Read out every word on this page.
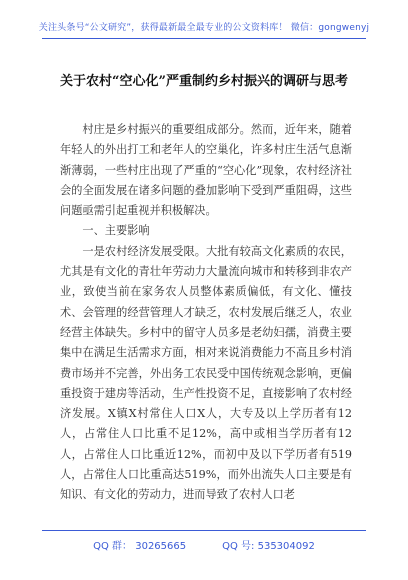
关注头条号“公文研究”，获得最新最全最专业的公文资料库！ 微信：gongwenyj
关于农村“空心化”严重制约乡村振兴的调研与思考

村庄是乡村振兴的重要组成部分。然而，近年来，随着年轻人的外出打工和老年人的空巢化，许多村庄生活气息渐渐薄弱，一些村庄出现了严重的“空心化”现象，农村经济社会的全面发展在诸多问题的叠加影响下受到严重阻碍，这些问题亟需引起重视并积极解决。

一、主要影响

一是农村经济发展受限。大批有较高文化素质的农民，尤其是有文化的青壮年劳动力大量流向城市和转移到非农产业，致使当前在家务农人员整体素质偏低，有文化、懂技术、会管理的经营管理人才缺乏，农村发展后继乏人，农业经营主体缺失。乡村中的留守人员多是老幼妇孺，消费主要集中在满足生活需求方面，相对来说消费能力不高且乡村消费市场并不完善，外出务工农民受中国传统观念影响，更偏重投资于建房等活动，生产性投资不足，直接影响了农村经济发展。X镇X村常住人口X人，大专及以上学历者有12人，占常住人口比重不足12%，高中或相当学历者有12人，占常住人口比重近12%，而初中及以下学历者有519人，占常住人口比重高达519%，而外出流失人口主要是有知识、有文化的劳动力，进而导致了农村人口老

QQ 群： 30265665	QQ 号: 535304092
